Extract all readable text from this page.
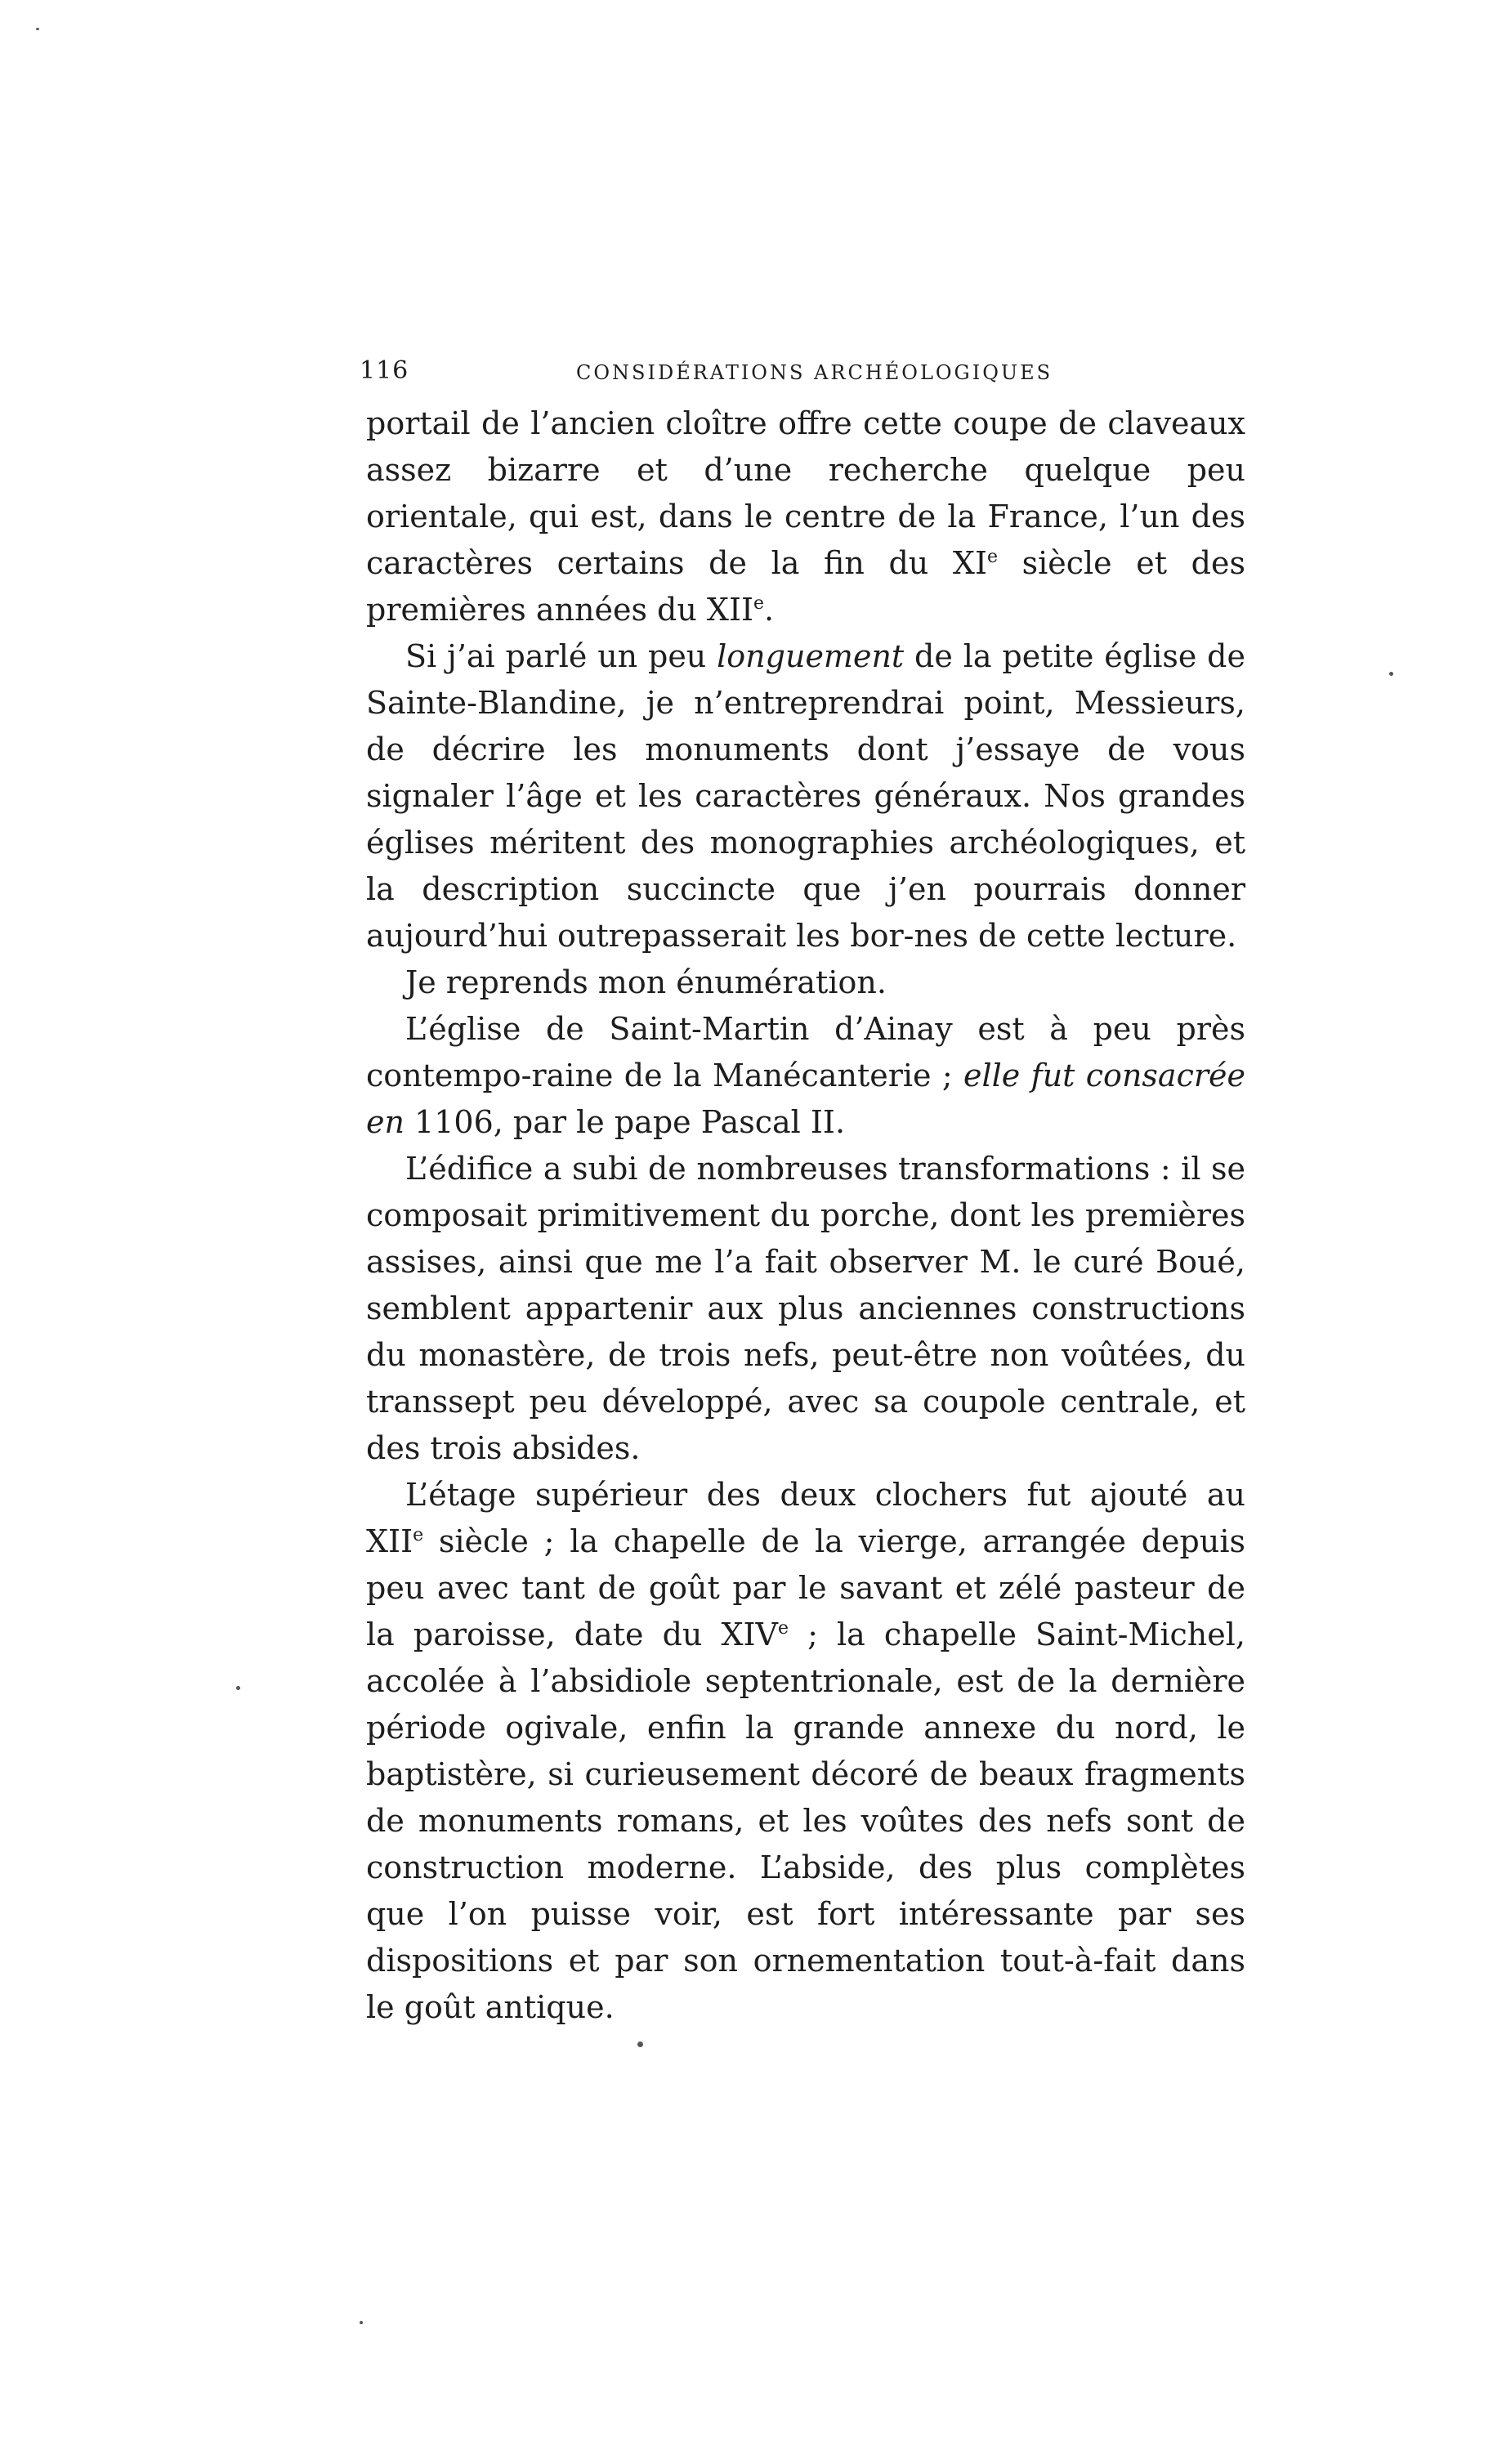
116	CONSIDÉRATIONS ARCHÉOLOGIQUES

portail de l’ancien cloître offre cette coupe de claveaux assez bizarre et d’une recherche quelque peu orientale, qui est, dans le centre de la France, l’un des caractères certains de la fin du XIe siècle et des premières années du XIIe.

Si j’ai parlé un peu longuement de la petite église de Sainte-Blandine, je n’entreprendrai point, Messieurs, de décrire les monuments dont j’essaye de vous signaler l’âge et les caractères généraux. Nos grandes églises méritent des monographies archéologiques, et la description succincte que j’en pourrais donner aujourd’hui outrepasserait les bor-nes de cette lecture.

Je reprends mon énumération.

L’église de Saint-Martin d’Ainay est à peu près contempo-raine de la Manécanterie ; elle fut consacrée en 1106, par le pape Pascal II.

L’édifice a subi de nombreuses transformations : il se composait primitivement du porche, dont les premières assises, ainsi que me l’a fait observer M. le curé Boué, semblent appartenir aux plus anciennes constructions du monastère, de trois nefs, peut-être non voûtées, du transsept peu développé, avec sa coupole centrale, et des trois absides.

L’étage supérieur des deux clochers fut ajouté au XIIe siècle ; la chapelle de la vierge, arrangée depuis peu avec tant de goût par le savant et zélé pasteur de la paroisse, date du XIVe ; la chapelle Saint-Michel, accolée à l’absidiole septentrionale, est de la dernière période ogivale, enfin la grande annexe du nord, le baptistère, si curieusement décoré de beaux fragments de monuments romans, et les voûtes des nefs sont de construction moderne. L’abside, des plus complètes que l’on puisse voir, est fort intéressante par ses dispositions et par son ornementation tout-à-fait dans le goût antique.
